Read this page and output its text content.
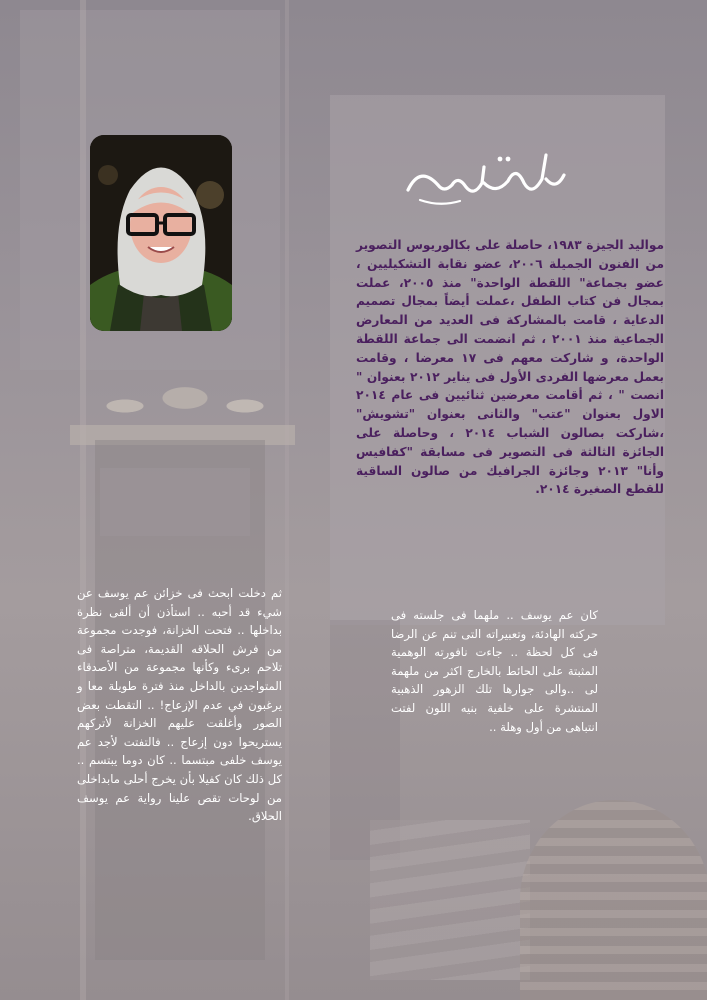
مواليد الجيزة ١٩٨٣، حاصلة على بكالوريوس التصوير من الفنون الجميلة ٢٠٠٦، عضو نقابة التشكيليين ، عضو بجماعة" اللقطة الواحدة" منذ ٢٠٠٥، عملت بمجال فن كتاب الطفل ،عملت أيضاً بمجال تصميم الدعاية ، قامت بالمشاركة فى العديد من المعارض الجماعية منذ ٢٠٠١ ، ثم انضمت الى جماعة اللقطة الواحدة، و شاركت معهم فى ١٧ معرضا ، وقامت بعمل معرضها الفردى الأول فى يناير ٢٠١٢ بعنوان " انصت " ، ثم أقامت معرضين ثنائيين فى عام ٢٠١٤ الاول بعنوان "عتب" والثانى بعنوان "تشويش" ،شاركت بصالون الشباب ٢٠١٤ ، وحاصلة على الجائزة الثالثة فى التصوير فى مسابقة "كفافيس وأنا" ٢٠١٣ وجائزة الجرافيك من صالون الساقية للقطع الصغيرة ٢٠١٤.
ثم دخلت ابحث فى خزائن عم يوسف عن شيء قد أحبه .. استأذن أن ألقى نظرة بداخلها .. فتحت الخزانة، فوجدت مجموعة من فرش الحلاقه القديمة، متراصة فى تلاحم برىء وكأنها مجموعة من الأصدقاء المتواجدين بالداخل منذ فترة طويلة معا و يرغبون في عدم الإزعاج! .. التقطت بعض الصور وأغلقت عليهم الخزانة لأتركهم يستريحوا دون إزعاج .. فالتفتت لأجد عم يوسف خلفى مبتسما .. كان دوما يبتسم .. كل ذلك كان كفيلا بأن يخرج أحلى مابداخلى من لوحات تقص علينا رواية عم يوسف الحلاق.
كان عم يوسف .. ملهما فى جلسته فى حركته الهادئة، وتعبيراته التى تنم عن الرضا فى كل لحظة .. جاءت نافورته الوهمية المثبتة على الحائط بالخارج اكثر من ملهمة لى ..والى جوارها تلك الزهور الذهبية المنتشرة على خلفية بنيه اللون لفتت انتباهى من أول وهلة ..
